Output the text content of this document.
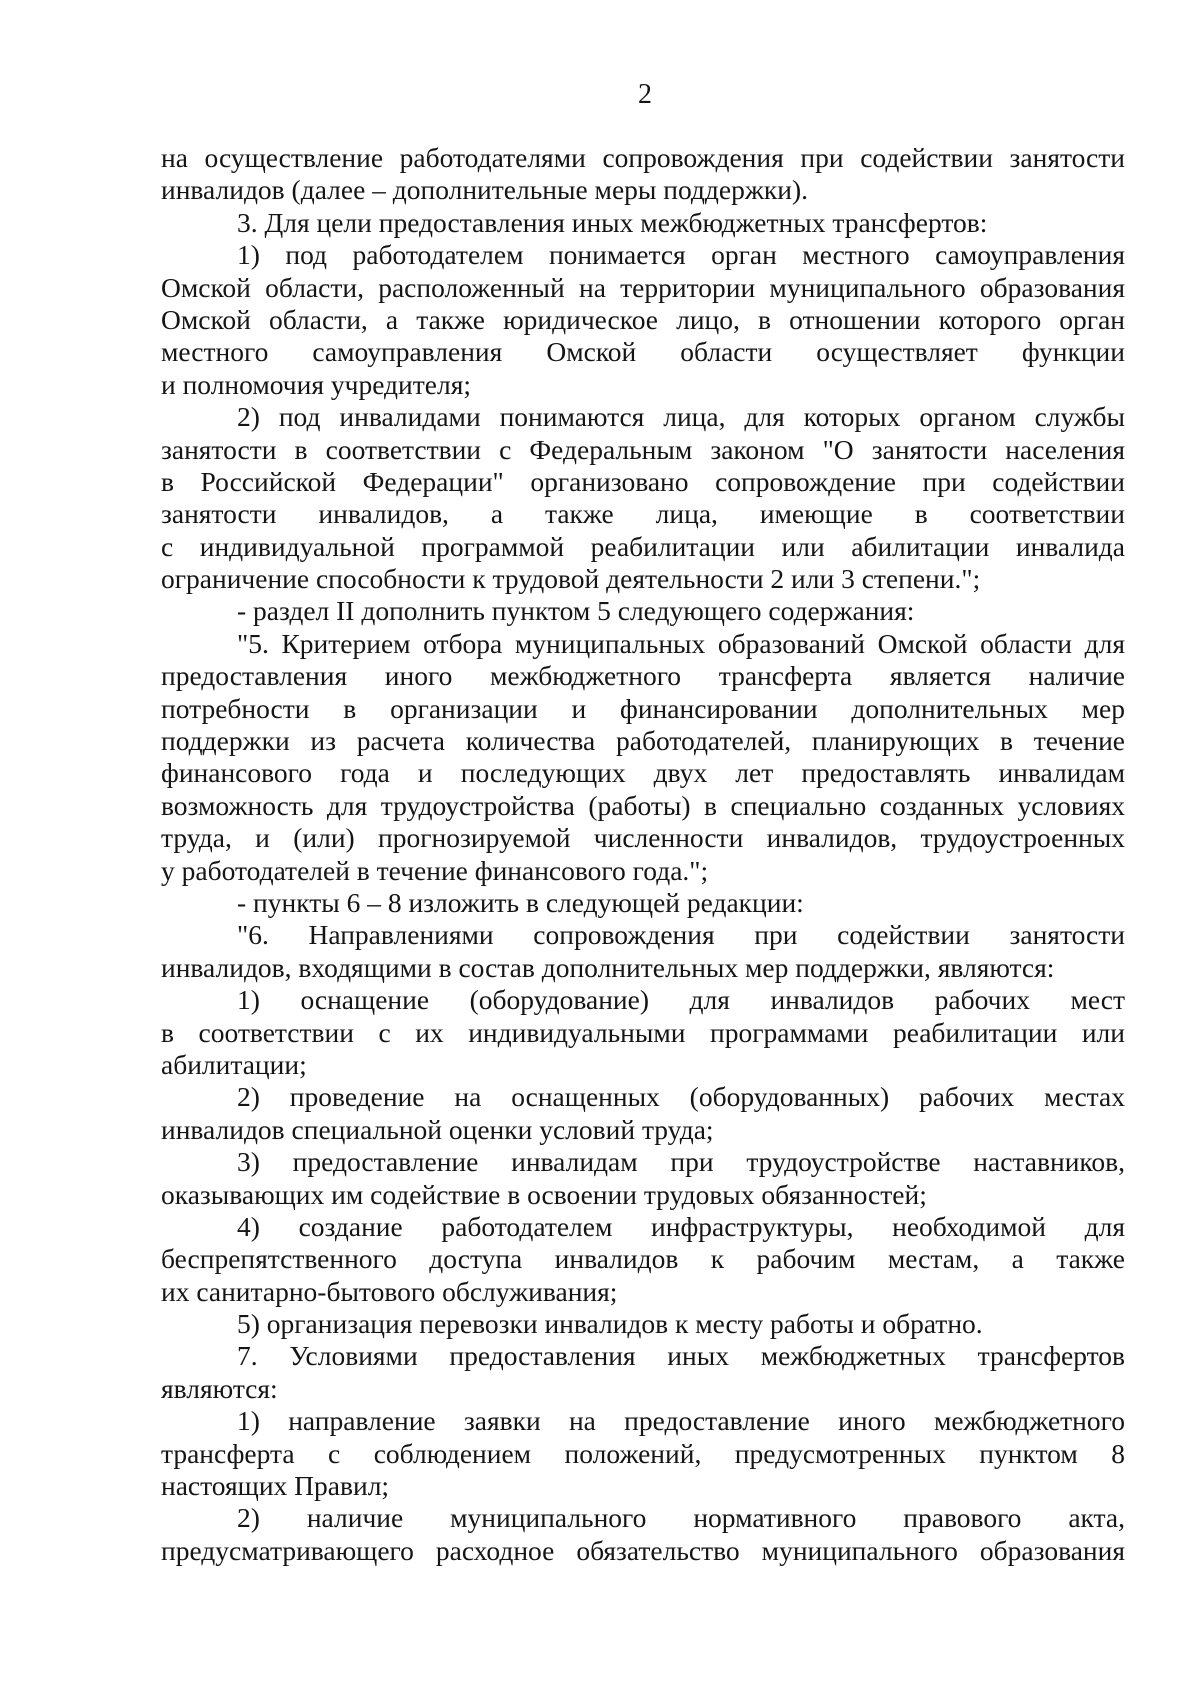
2
на осуществление работодателями сопровождения при содействии занятости
инвалидов (далее – дополнительные меры поддержки).
3. Для цели предоставления иных межбюджетных трансфертов:
1) под работодателем понимается орган местного самоуправления
Омской области, расположенный на территории муниципального образования
Омской области, а также юридическое лицо, в отношении которого орган
местного самоуправления Омской области осуществляет функции
и полномочия учредителя;
2) под инвалидами понимаются лица, для которых органом службы
занятости в соответствии с Федеральным законом "О занятости населения
в Российской Федерации" организовано сопровождение при содействии
занятости инвалидов, а также лица, имеющие в соответствии
с индивидуальной программой реабилитации или абилитации инвалида
ограничение способности к трудовой деятельности 2 или 3 степени.";
- раздел II дополнить пунктом 5 следующего содержания:
"5. Критерием отбора муниципальных образований Омской области для
предоставления иного межбюджетного трансферта является наличие
потребности в организации и финансировании дополнительных мер
поддержки из расчета количества работодателей, планирующих в течение
финансового года и последующих двух лет предоставлять инвалидам
возможность для трудоустройства (работы) в специально созданных условиях
труда, и (или) прогнозируемой численности инвалидов, трудоустроенных
у работодателей в течение финансового года.";
- пункты 6 – 8 изложить в следующей редакции:
"6. Направлениями сопровождения при содействии занятости
инвалидов, входящими в состав дополнительных мер поддержки, являются:
1) оснащение (оборудование) для инвалидов рабочих мест
в соответствии с их индивидуальными программами реабилитации или
абилитации;
2) проведение на оснащенных (оборудованных) рабочих местах
инвалидов специальной оценки условий труда;
3) предоставление инвалидам при трудоустройстве наставников,
оказывающих им содействие в освоении трудовых обязанностей;
4) создание работодателем инфраструктуры, необходимой для
беспрепятственного доступа инвалидов к рабочим местам, а также
их санитарно-бытового обслуживания;
5) организация перевозки инвалидов к месту работы и обратно.
7. Условиями предоставления иных межбюджетных трансфертов
являются:
1) направление заявки на предоставление иного межбюджетного
трансферта с соблюдением положений, предусмотренных пунктом 8
настоящих Правил;
2) наличие муниципального нормативного правового акта,
предусматривающего расходное обязательство муниципального образования
